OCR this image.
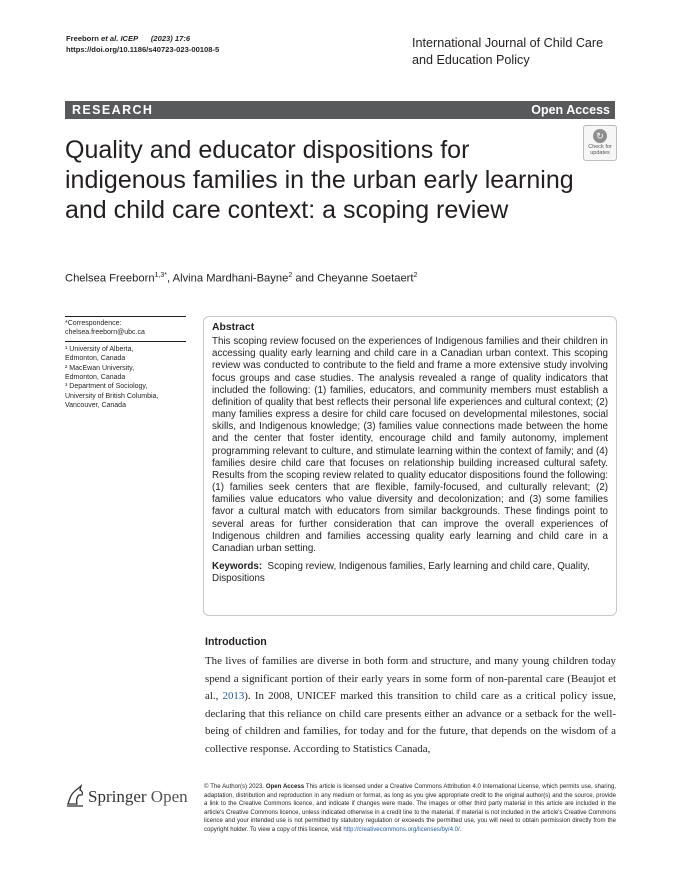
Freeborn et al. ICEP (2023) 17:6
https://doi.org/10.1186/s40723-023-00108-5	International Journal of Child Care
and Education Policy
RESEARCH	Open Access
Quality and educator dispositions for indigenous families in the urban early learning and child care context: a scoping review
↻
Check for
updates
Chelsea Freeborn$^{1,3*}$, Alvina Mardhani-Bayne$^2$ and Cheyanne Soetaert$^2$
*Correspondence:
chelsea.freeborn@ubc.ca
¹ University of Alberta,
Edmonton, Canada
² MacEwan University,
Edmonton, Canada
³ Department of Sociology,
University of British Columbia,
Vancouver, Canada
Abstract
This scoping review focused on the experiences of Indigenous families and their children in accessing quality early learning and child care in a Canadian urban context. This scoping review was conducted to contribute to the field and frame a more extensive study involving focus groups and case studies. The analysis revealed a range of quality indicators that included the following: (1) families, educators, and community members must establish a definition of quality that best reflects their personal life experiences and cultural context; (2) many families express a desire for child care focused on developmental milestones, social skills, and Indigenous knowledge; (3) families value connections made between the home and the center that foster identity, encourage child and family autonomy, implement programming relevant to culture, and stimulate learning within the context of family; and (4) families desire child care that focuses on relationship building increased cultural safety. Results from the scoping review related to quality educator dispositions found the following: (1) families seek centers that are flexible, family-focused, and culturally relevant; (2) families value educators who value diversity and decolonization; and (3) some families favor a cultural match with educators from similar backgrounds. These findings point to several areas for further consideration that can improve the overall experiences of Indigenous children and families accessing quality early learning and child care in a Canadian urban setting.
Keywords: Scoping review, Indigenous families, Early learning and child care, Quality, Dispositions
Introduction
The lives of families are diverse in both form and structure, and many young children today spend a significant portion of their early years in some form of non-parental care (Beaujot et al., 2013). In 2008, UNICEF marked this transition to child care as a critical policy issue, declaring that this reliance on child care presents either an advance or a setback for the well-being of children and families, for today and for the future, that depends on the wisdom of a collective response. According to Statistics Canada,
Springer Open	© The Author(s) 2023. Open Access This article is licensed under a Creative Commons Attribution 4.0 International License, which permits use, sharing, adaptation, distribution and reproduction in any medium or format, as long as you give appropriate credit to the original author(s) and the source, provide a link to the Creative Commons licence, and indicate if changes were made. The images or other third party material in this article are included in the article's Creative Commons licence, unless indicated otherwise in a credit line to the material. If material is not included in the article's Creative Commons licence and your intended use is not permitted by statutory regulation or exceeds the permitted use, you will need to obtain permission directly from the copyright holder. To view a copy of this licence, visit http://creativecommons.org/licenses/by/4.0/.
